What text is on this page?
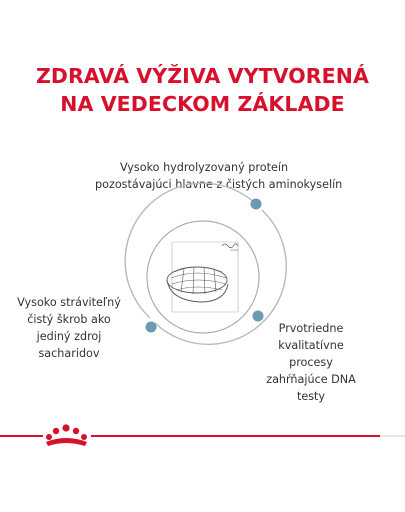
ZDRAVÁ VÝŽIVA VYTVORENÁ
NA VEDECKOM ZÁKLADE
Vysoko hydrolyzovaný proteín
pozostávajúci hlavne z čistých aminokyselín
Vysoko stráviteľný
čistý škrob ako
jediný zdroj
sacharidov
Prvotriedne
kvalitatívne
procesy
zahŕňajúce DNA
testy
